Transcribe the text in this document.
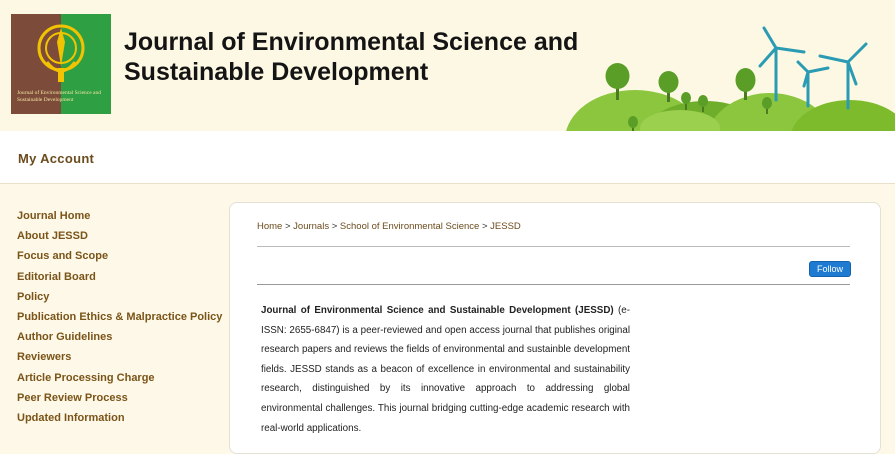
Journal of Environmental Science and Sustainable Development
Journal of Environmental Science and
Sustainable Development
My Account
Journal Home
About JESSD
Focus and Scope
Editorial Board
Policy
Publication Ethics & Malpractice Policy
Author Guidelines
Reviewers
Article Processing Charge
Peer Review Process
Updated Information
Home > Journals > School of Environmental Science > JESSD
Follow
Journal of Environmental Science and Sustainable Development (JESSD) (e-ISSN: 2655-6847) is a peer-reviewed and open access journal that publishes original research papers and reviews the fields of environmental and sustainble development fields. JESSD stands as a beacon of excellence in environmental and sustainability research, distinguished by its innovative approach to addressing global environmental challenges. This journal bridging cutting-edge academic research with real-world applications.
